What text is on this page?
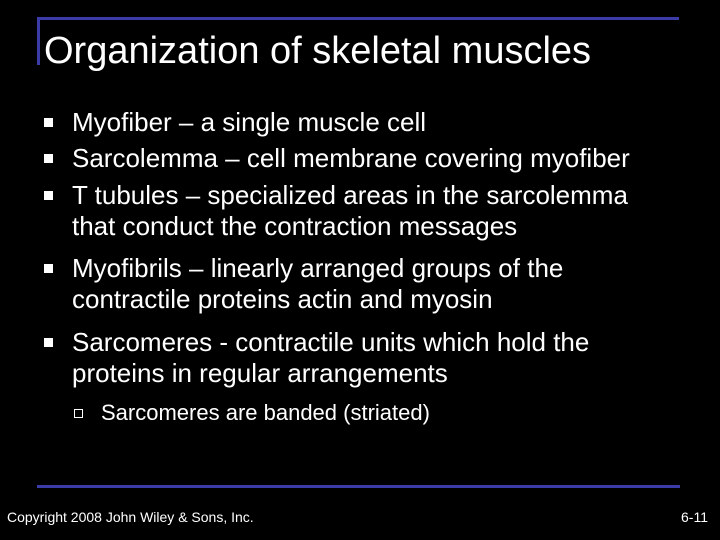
Organization of skeletal muscles
Myofiber – a single muscle cell
Sarcolemma – cell membrane covering myofiber
T tubules – specialized areas in the sarcolemma
that conduct the contraction messages
Myofibrils – linearly arranged groups of the
contractile proteins actin and myosin
Sarcomeres - contractile units which hold the
proteins in regular arrangements
Sarcomeres are banded (striated)
Copyright 2008 John Wiley & Sons, Inc.	6-11
